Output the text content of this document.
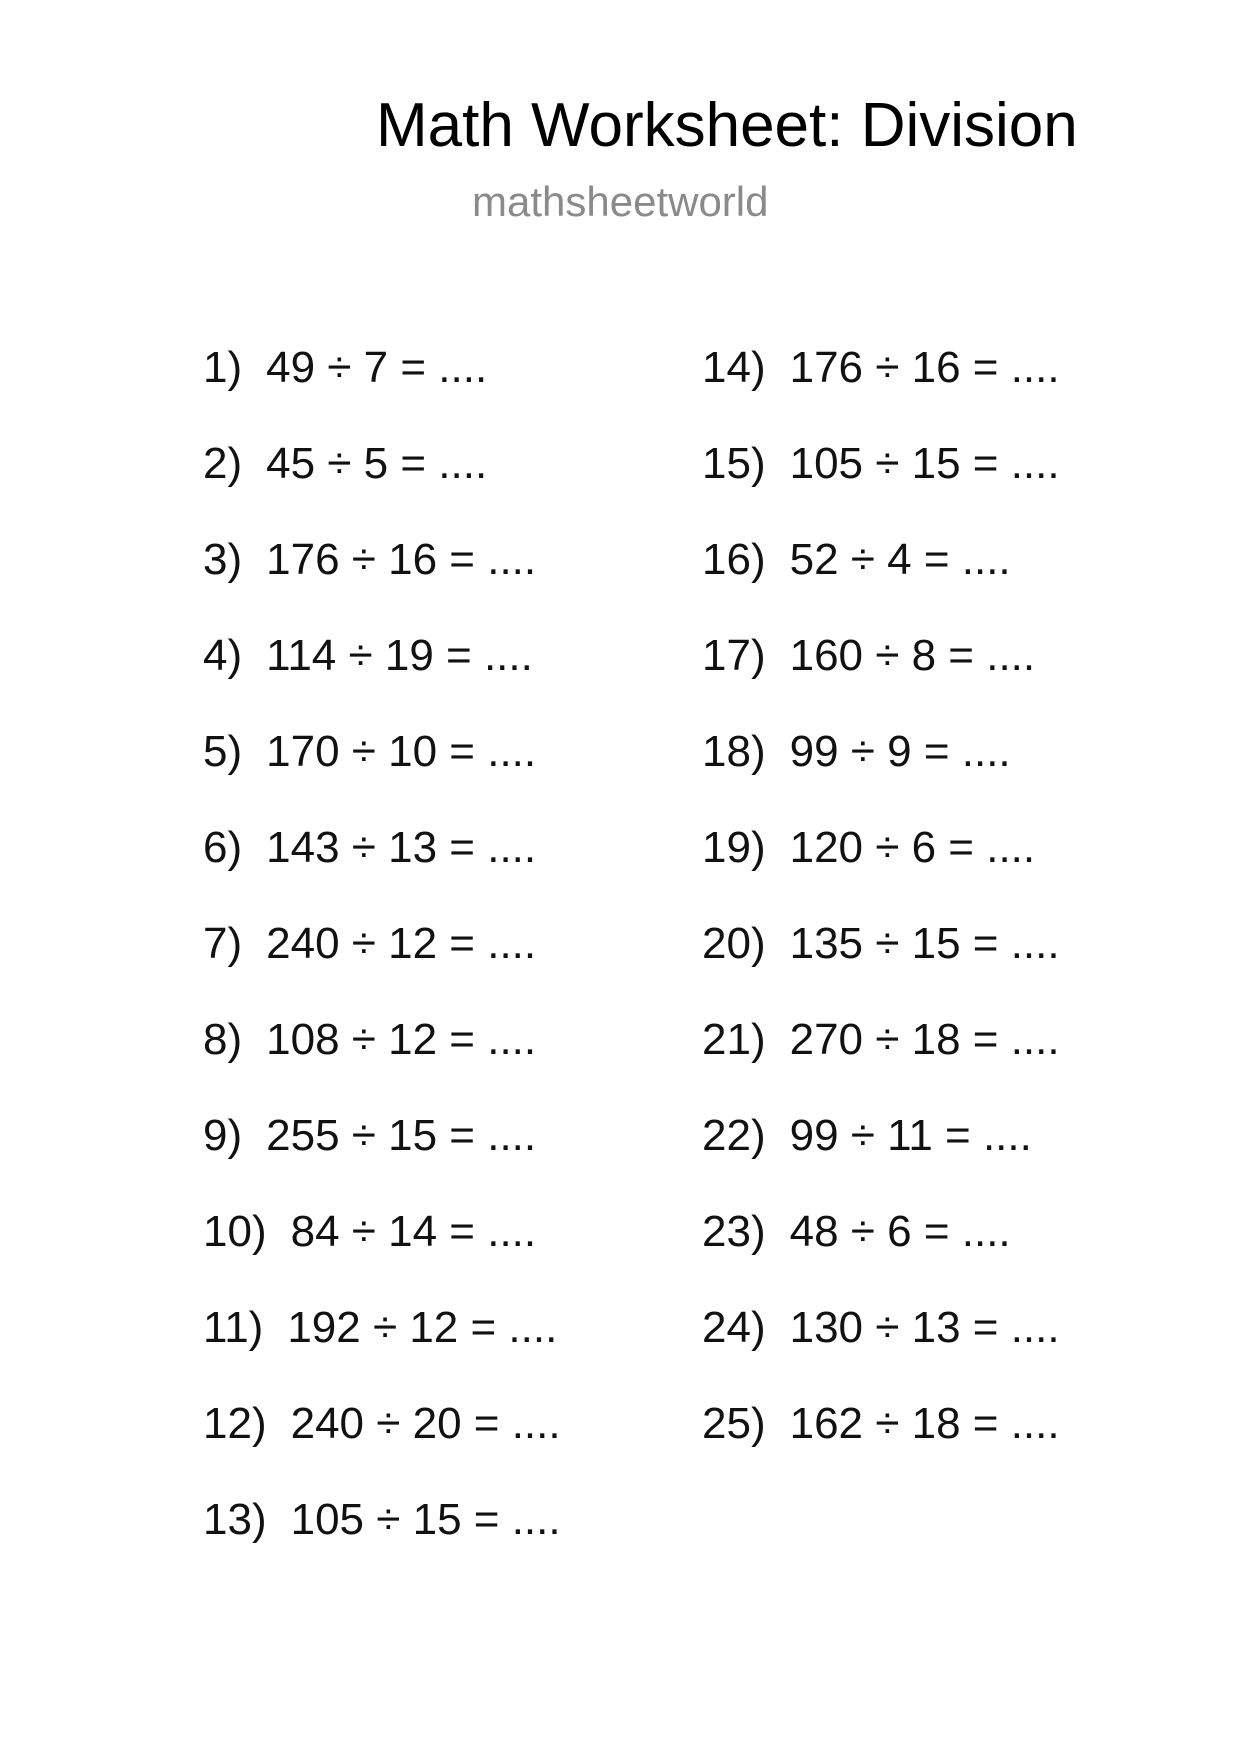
Math Worksheet: Division
mathsheetworld
1) 49 ÷ 7 = ....
2) 45 ÷ 5 = ....
3) 176 ÷ 16 = ....
4) 114 ÷ 19 = ....
5) 170 ÷ 10 = ....
6) 143 ÷ 13 = ....
7) 240 ÷ 12 = ....
8) 108 ÷ 12 = ....
9) 255 ÷ 15 = ....
10) 84 ÷ 14 = ....
11) 192 ÷ 12 = ....
12) 240 ÷ 20 = ....
13) 105 ÷ 15 = ....
14) 176 ÷ 16 = ....
15) 105 ÷ 15 = ....
16) 52 ÷ 4 = ....
17) 160 ÷ 8 = ....
18) 99 ÷ 9 = ....
19) 120 ÷ 6 = ....
20) 135 ÷ 15 = ....
21) 270 ÷ 18 = ....
22) 99 ÷ 11 = ....
23) 48 ÷ 6 = ....
24) 130 ÷ 13 = ....
25) 162 ÷ 18 = ....
